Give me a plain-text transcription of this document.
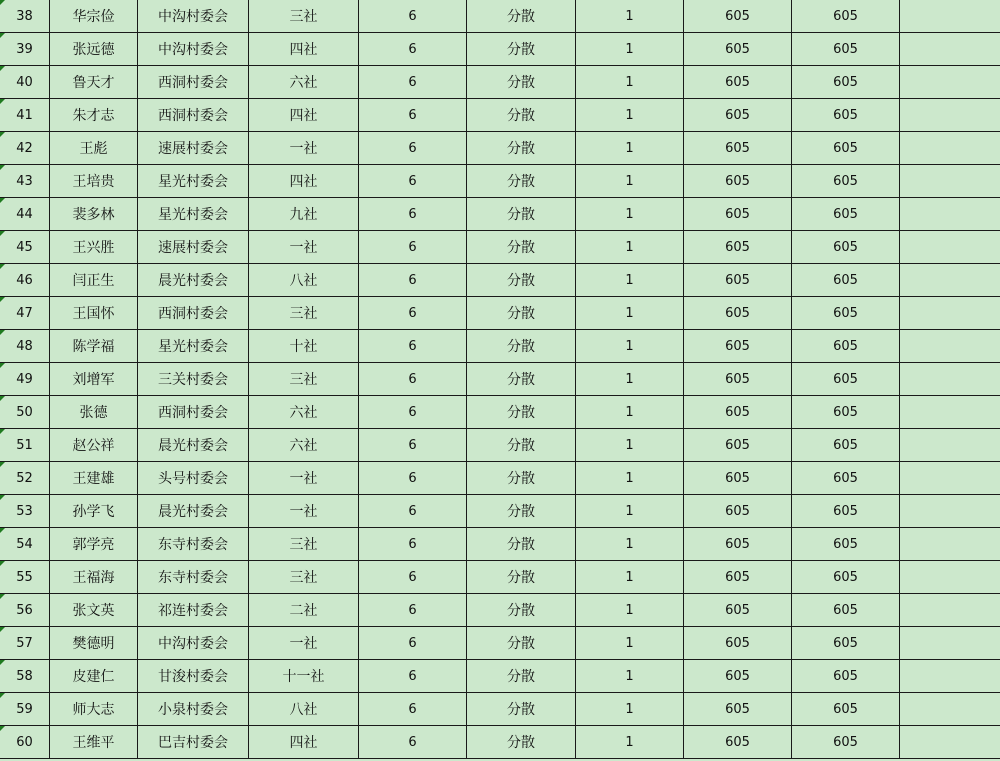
38	华宗俭	中沟村委会	三社	6	分散	1	605	605	

39	张远德	中沟村委会	四社	6	分散	1	605	605	

40	鲁天才	西洞村委会	六社	6	分散	1	605	605	

41	朱才志	西洞村委会	四社	6	分散	1	605	605	

42	王彪	速展村委会	一社	6	分散	1	605	605	

43	王培贵	星光村委会	四社	6	分散	1	605	605	

44	裴多林	星光村委会	九社	6	分散	1	605	605	

45	王兴胜	速展村委会	一社	6	分散	1	605	605	

46	闫正生	晨光村委会	八社	6	分散	1	605	605	

47	王国怀	西洞村委会	三社	6	分散	1	605	605	

48	陈学福	星光村委会	十社	6	分散	1	605	605	

49	刘增军	三关村委会	三社	6	分散	1	605	605	

50	张德	西洞村委会	六社	6	分散	1	605	605	

51	赵公祥	晨光村委会	六社	6	分散	1	605	605	

52	王建雄	头号村委会	一社	6	分散	1	605	605	

53	孙学飞	晨光村委会	一社	6	分散	1	605	605	

54	郭学亮	东寺村委会	三社	6	分散	1	605	605	

55	王福海	东寺村委会	三社	6	分散	1	605	605	

56	张文英	祁连村委会	二社	6	分散	1	605	605	

57	樊德明	中沟村委会	一社	6	分散	1	605	605	

58	皮建仁	甘浚村委会	十一社	6	分散	1	605	605	

59	师大志	小泉村委会	八社	6	分散	1	605	605	

60	王维平	巴吉村委会	四社	6	分散	1	605	605	
